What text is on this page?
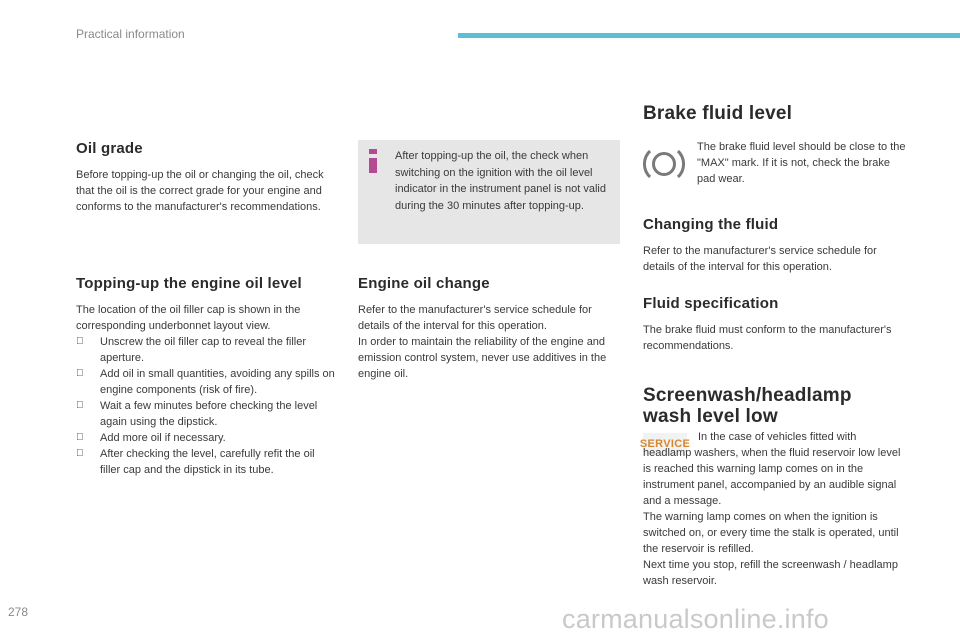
Practical information
Oil grade

Before topping-up the oil or changing the oil, check that the oil is the correct grade for your engine and conforms to the manufacturer's recommendations.

Topping-up the engine oil level

The location of the oil filler cap is shown in the corresponding underbonnet layout view.

Unscrew the oil filler cap to reveal the filler aperture.
Add oil in small quantities, avoiding any spills on engine components (risk of fire).
Wait a few minutes before checking the level again using the dipstick.
Add more oil if necessary.
After checking the level, carefully refit the oil filler cap and the dipstick in its tube.
After topping-up the oil, the check when switching on the ignition with the oil level indicator in the instrument panel is not valid during the 30 minutes after topping-up.
Engine oil change

Refer to the manufacturer's service schedule for details of the interval for this operation.
In order to maintain the reliability of the engine and emission control system, never use additives in the engine oil.

Brake fluid level

The brake fluid level should be close to the "MAX" mark. If it is not, check the brake pad wear.

Changing the fluid

Refer to the manufacturer's service schedule for details of the interval for this operation.

Fluid specification

The brake fluid must conform to the manufacturer's recommendations.

Screenwash/headlamp
wash level low
SERVICE

In the case of vehicles fitted with headlamp washers, when the fluid reservoir low level is reached this warning lamp comes on in the instrument panel, accompanied by an audible signal and a message.
The warning lamp comes on when the ignition is switched on, or every time the stalk is operated, until the reservoir is refilled.
Next time you stop, refill the screenwash / headlamp wash reservoir.

278	carmanualsonline.info
